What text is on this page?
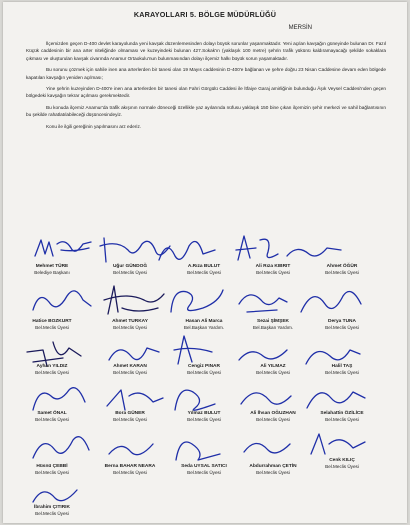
KARAYOLLARI 5. BÖLGE MÜDÜRLÜĞÜ
MERSİN

İlçemizden geçen D-400 devlet karayolunda yeni kavşak düzenlemesinden dolayı büyük sorunlar yaşanmaktadır. Yeni açılan kavşağın güneyinde bulunan Dr. Fazıl Küçük caddesinin bir ana arter niteliğinde olmaması ve kuzeyindeki bulunan 427.Sokak'ın (yaklaşık 100 metre) şehrin trafik yükünü kaldıramayacağı şekilde sokaklara çıkması ve oluşturulan kavşak civarında Anamur Ortaokulu'nun bulunmasından dolayı ilçemiz halkı büyük sorun yaşamaktadır.

Bu sorunu çözmek için sahile inen ana arterlerden bir tanesi olan 19 Mayıs caddesinin D-400'e bağlanan ve şehre doğru 23 Nisan Caddesine devam eden bölgede kapatılan kavşağın yeniden açılması;

Yine şehrin kuzeyinden D-400'e inen ana arterlerden bir tanesi olan Fahri Görgülü Caddesi ile İtfaiye Garaj amirliğinin bulunduğu Âşık Veysel Caddesi'nden geçen bölgedeki kavşağın tekrar açılması gerekmektedir.

Bu konuda ilçemiz Anamur'da trafik akışının normale döneceği özellikle yaz ayılarında nüfusu yaklaşık 150 bine çıkan ilçemizin şehir merkezi ve sahil bağlantısının bu şekilde rahatlatılabileceği düşüncesindeyiz.

Konu ile ilgili gereğinin yapılmasını arz ederiz.

Mehmet TÜRE
Belediye Başkanı
Uğur GÜNDOĞ
Bel.Meclis Üyesi
A.Rıza BULUT
Bel.Meclis Üyesi
Ali Rıza KIBRIT
Bel.Meclis Üyesi
Ahmet ÖĞÜR
Bel.Meclis Üyesi
Hatice BOZKURT
Bel.Meclis Üyesi
Ahmet TURKAY
Bel.Meclis Üyesi
Hasan Ali Marca
Bel.Başkan Yardım.
Sezai ŞİMŞEK
Bel.Başkan Yardım.
Derya TUNA
Bel.Meclis Üyesi
Ayhan YILDIZ
Bel.Meclis Üyesi
Ahmet KARAN
Bel.Meclis Üyesi
Cengiz PINAR
Bel.Meclis Üyesi
Ali YILMAZ
Bel.Meclis Üyesi
Halil TAŞ
Bel.Meclis Üyesi
Samet ÖNAL
Bel.Meclis Üyesi
Bora GÜNER
Bel.Meclis Üyesi
Yılmaz BULUT
Bel.Meclis Üyesi
Ali İhsan OĞUZHAN
Bel.Meclis Üyesi
Selahattin ÖZİLİCE
Bel.Meclis Üyesi
Hüsnü ÇEBBİ
Bel.Meclis Üyesi
Berna BAHAR NEARA
Bel.Meclis Üyesi
Seda UYSAL SATICI
Bel.Meclis Üyesi
Abdurrahman ÇETİN
Bel.Meclis Üyesi
Cenk KILIÇ
Bel.Meclis Üyesi
İbrahim ÇITIRIK
Bel.Meclis Üyesi
